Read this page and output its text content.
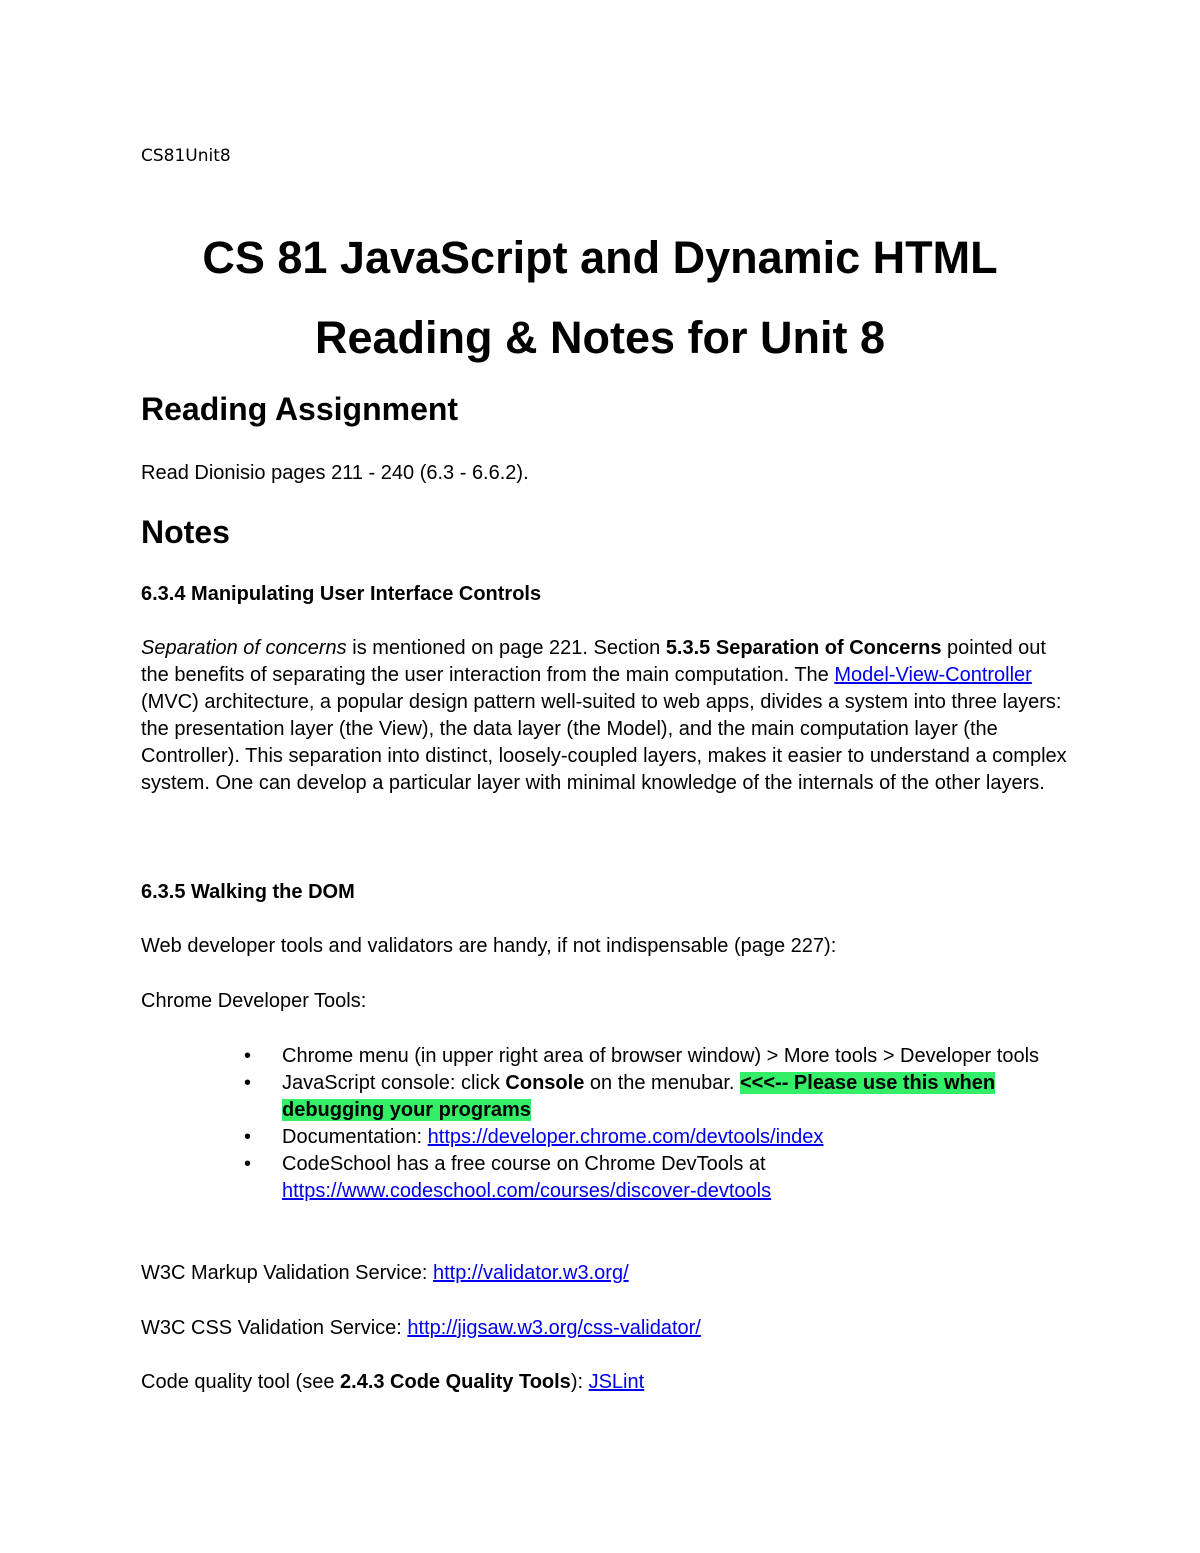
CS81Unit8
CS 81 JavaScript and Dynamic HTML
Reading & Notes for Unit 8
Reading Assignment
Read Dionisio pages 211 - 240 (6.3 - 6.6.2).
Notes
6.3.4 Manipulating User Interface Controls
Separation of concerns is mentioned on page 221. Section 5.3.5 Separation of Concerns pointed out the benefits of separating the user interaction from the main computation. The Model-View-Controller (MVC) architecture, a popular design pattern well-suited to web apps, divides a system into three layers: the presentation layer (the View), the data layer (the Model), and the main computation layer (the Controller). This separation into distinct, loosely-coupled layers, makes it easier to understand a complex system. One can develop a particular layer with minimal knowledge of the internals of the other layers.
6.3.5 Walking the DOM
Web developer tools and validators are handy, if not indispensable (page 227):
Chrome Developer Tools:
• Chrome menu (in upper right area of browser window) > More tools > Developer tools
• JavaScript console: click Console on the menubar. <<<-- Please use this when debugging your programs
• Documentation: https://developer.chrome.com/devtools/index
• CodeSchool has a free course on Chrome DevTools at https://www.codeschool.com/courses/discover-devtools
W3C Markup Validation Service: http://validator.w3.org/
W3C CSS Validation Service: http://jigsaw.w3.org/css-validator/
Code quality tool (see 2.4.3 Code Quality Tools): JSLint
